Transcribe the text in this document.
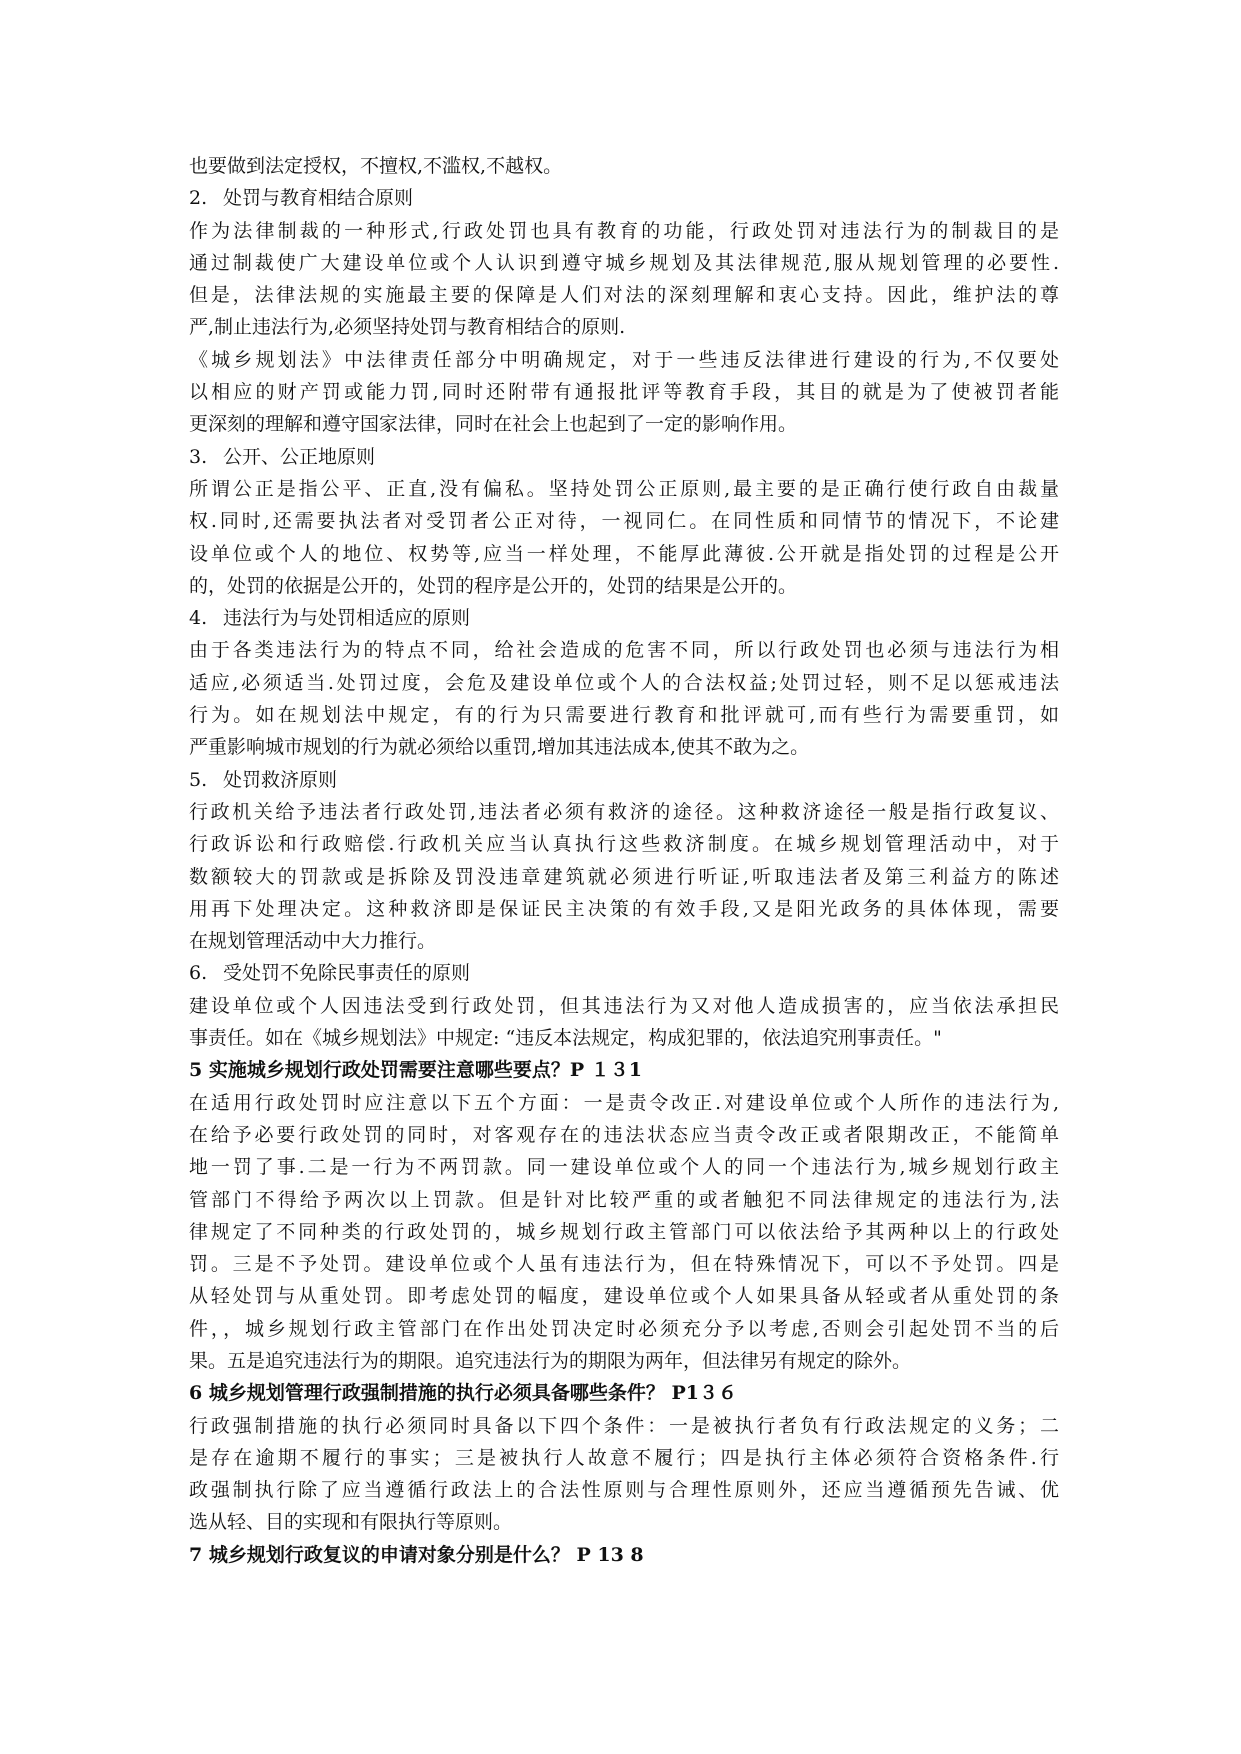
也要做到法定授权，不擅权,不滥权,不越权。
2. 处罚与教育相结合原则
作为法律制裁的一种形式,行政处罚也具有教育的功能，行政处罚对违法行为的制裁目的是
通过制裁使广大建设单位或个人认识到遵守城乡规划及其法律规范,服从规划管理的必要性.
但是，法律法规的实施最主要的保障是人们对法的深刻理解和衷心支持。因此，维护法的尊
严,制止违法行为,必须坚持处罚与教育相结合的原则.
《城乡规划法》中法律责任部分中明确规定，对于一些违反法律进行建设的行为,不仅要处
以相应的财产罚或能力罚,同时还附带有通报批评等教育手段，其目的就是为了使被罚者能
更深刻的理解和遵守国家法律，同时在社会上也起到了一定的影响作用。
3. 公开、公正地原则
所谓公正是指公平、正直,没有偏私。坚持处罚公正原则,最主要的是正确行使行政自由裁量
权.同时,还需要执法者对受罚者公正对待，一视同仁。在同性质和同情节的情况下，不论建
设单位或个人的地位、权势等,应当一样处理，不能厚此薄彼.公开就是指处罚的过程是公开
的，处罚的依据是公开的，处罚的程序是公开的，处罚的结果是公开的。
4. 违法行为与处罚相适应的原则
由于各类违法行为的特点不同，给社会造成的危害不同，所以行政处罚也必须与违法行为相
适应,必须适当.处罚过度，会危及建设单位或个人的合法权益;处罚过轻，则不足以惩戒违法
行为。如在规划法中规定，有的行为只需要进行教育和批评就可,而有些行为需要重罚，如
严重影响城市规划的行为就必须给以重罚,增加其违法成本,使其不敢为之。
5. 处罚救济原则
行政机关给予违法者行政处罚,违法者必须有救济的途径。这种救济途径一般是指行政复议、
行政诉讼和行政赔偿.行政机关应当认真执行这些救济制度。在城乡规划管理活动中，对于
数额较大的罚款或是拆除及罚没违章建筑就必须进行听证,听取违法者及第三利益方的陈述
用再下处理决定。这种救济即是保证民主决策的有效手段,又是阳光政务的具体体现，需要
在规划管理活动中大力推行。
6. 受处罚不免除民事责任的原则
建设单位或个人因违法受到行政处罚，但其违法行为又对他人造成损害的，应当依法承担民
事责任。如在《城乡规划法》中规定: “违反本法规定，构成犯罪的，依法追究刑事责任。"
5 实施城乡规划行政处罚需要注意哪些要点？P １３1
在适用行政处罚时应注意以下五个方面：一是责令改正.对建设单位或个人所作的违法行为,
在给予必要行政处罚的同时，对客观存在的违法状态应当责令改正或者限期改正，不能简单
地一罚了事.二是一行为不两罚款。同一建设单位或个人的同一个违法行为,城乡规划行政主
管部门不得给予两次以上罚款。但是针对比较严重的或者触犯不同法律规定的违法行为,法
律规定了不同种类的行政处罚的，城乡规划行政主管部门可以依法给予其两种以上的行政处
罚。三是不予处罚。建设单位或个人虽有违法行为，但在特殊情况下，可以不予处罚。四是
从轻处罚与从重处罚。即考虑处罚的幅度，建设单位或个人如果具备从轻或者从重处罚的条
件，，城乡规划行政主管部门在作出处罚决定时必须充分予以考虑,否则会引起处罚不当的后
果。五是追究违法行为的期限。追究违法行为的期限为两年，但法律另有规定的除外。
6 城乡规划管理行政强制措施的执行必须具备哪些条件？ P1３６
行政强制措施的执行必须同时具备以下四个条件：一是被执行者负有行政法规定的义务；二
是存在逾期不履行的事实；三是被执行人故意不履行；四是执行主体必须符合资格条件.行
政强制执行除了应当遵循行政法上的合法性原则与合理性原则外，还应当遵循预先告诫、优
选从轻、目的实现和有限执行等原则。
7 城乡规划行政复议的申请对象分别是什么？ P 13 8
